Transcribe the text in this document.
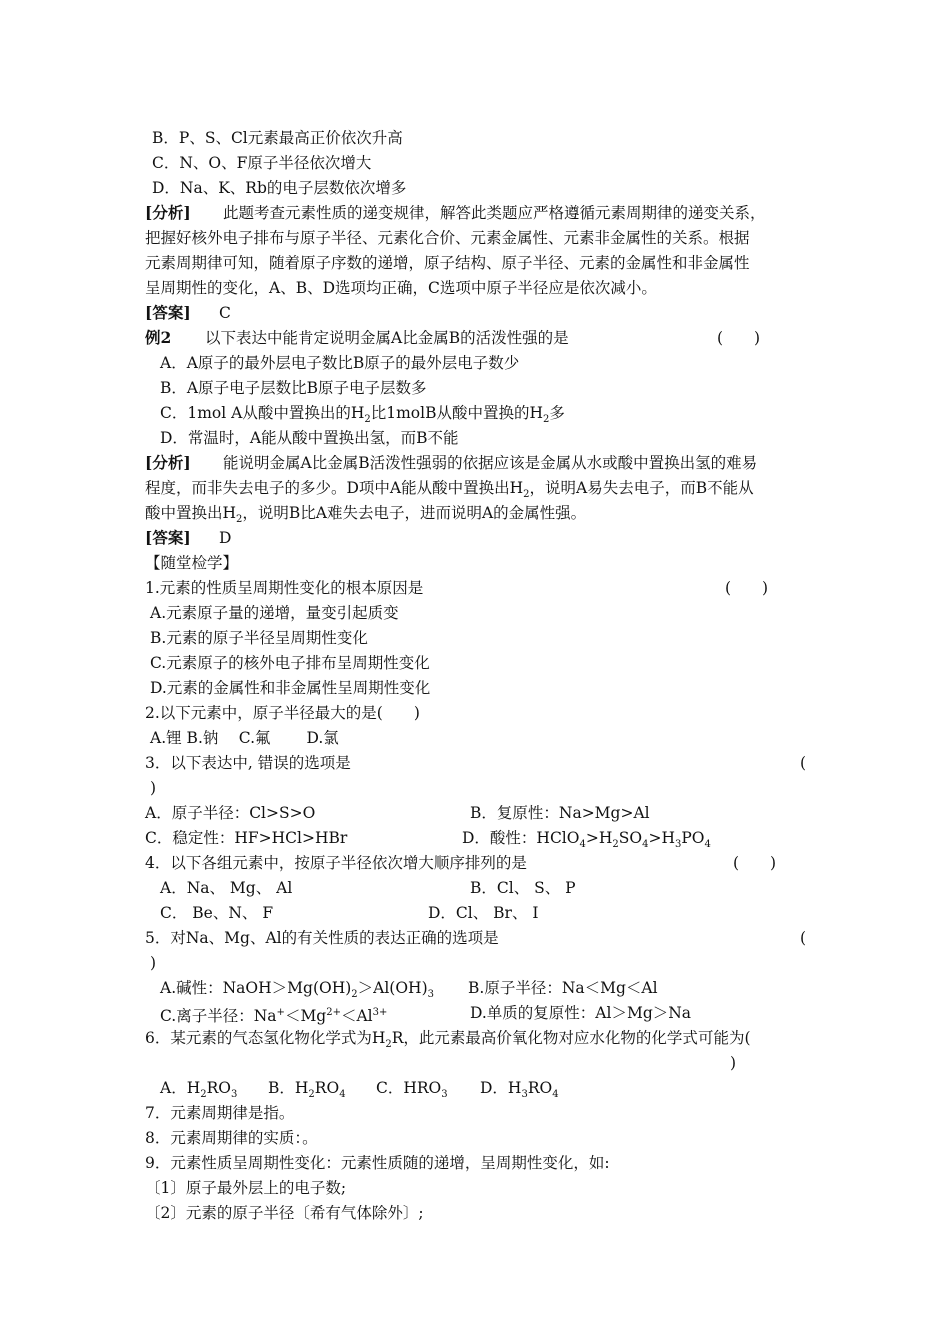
B．P、S、Cl元素最高正价依次升高
C．N、O、F原子半径依次增大
D．Na、K、Rb的电子层数依次增多
[分析] 此题考查元素性质的递变规律，解答此类题应严格遵循元素周期律的递变关系，
把握好核外电子排布与原子半径、元素化合价、元素金属性、元素非金属性的关系。根据
元素周期律可知，随着原子序数的递增，原子结构、原子半径、元素的金属性和非金属性
呈周期性的变化，A、B、D选项均正确，C选项中原子半径应是依次减小。
[答案] C
例2 以下表达中能肯定说明金属A比金属B的活泼性强的是	(　　)
A．A原子的最外层电子数比B原子的最外层电子数少
B．A原子电子层数比B原子电子层数多
C．1mol A从酸中置换出的$H_2$比1molB从酸中置换的$H_2$多
D．常温时，A能从酸中置换出氢，而B不能
[分析] 能说明金属A比金属B活泼性强弱的依据应该是金属从水或酸中置换出氢的难易
程度，而非失去电子的多少。D项中A能从酸中置换出$H_2$，说明A易失去电子，而B不能从
酸中置换出$H_2$，说明B比A难失去电子，进而说明A的金属性强。
[答案] D
【随堂检学】
1.元素的性质呈周期性变化的根本原因是	(　　)
A.元素原子量的递增，量变引起质变
B.元素的原子半径呈周期性变化
C.元素原子的核外电子排布呈周期性变化
D.元素的金属性和非金属性呈周期性变化
2.以下元素中，原子半径最大的是(　　)
A.锂 B.钠　 C.氟　　 D.氯
3．以下表达中, 错误的选项是	(
)
A．原子半径：Cl>S>O	B．复原性：Na>Mg>Al
C．稳定性：HF>HCl>HBr	D．酸性：$HClO_4>H_2SO_4>H_3PO_4$
4．以下各组元素中，按原子半径依次增大顺序排列的是	(　　)
A．Na、 Mg、 Al	B．Cl、 S、 P
C． Be、N、 F	D．Cl、 Br、 I
5．对Na、Mg、Al的有关性质的表达正确的选项是	(
)
A.碱性：$NaOH>Mg(OH)_2>Al(OH)_3$ B.原子半径：Na＜Mg＜Al
C.离子半径：$Na^+<Mg^{2+}<Al^{3+}$	D.单质的复原性：Al＞Mg＞Na
6．某元素的气态氢化物化学式为$H_2R$，此元素最高价氧化物对应水化物的化学式可能为(
)
A．$H_2RO_3$ B．$H_2RO_4$ C．$HRO_3$ D．$H_3RO_4$
7．元素周期律是指。
8．元素周期律的实质：。
9．元素性质呈周期性变化：元素性质随的递增，呈周期性变化，如:
〔1〕原子最外层上的电子数;
〔2〕元素的原子半径〔希有气体除外〕;
